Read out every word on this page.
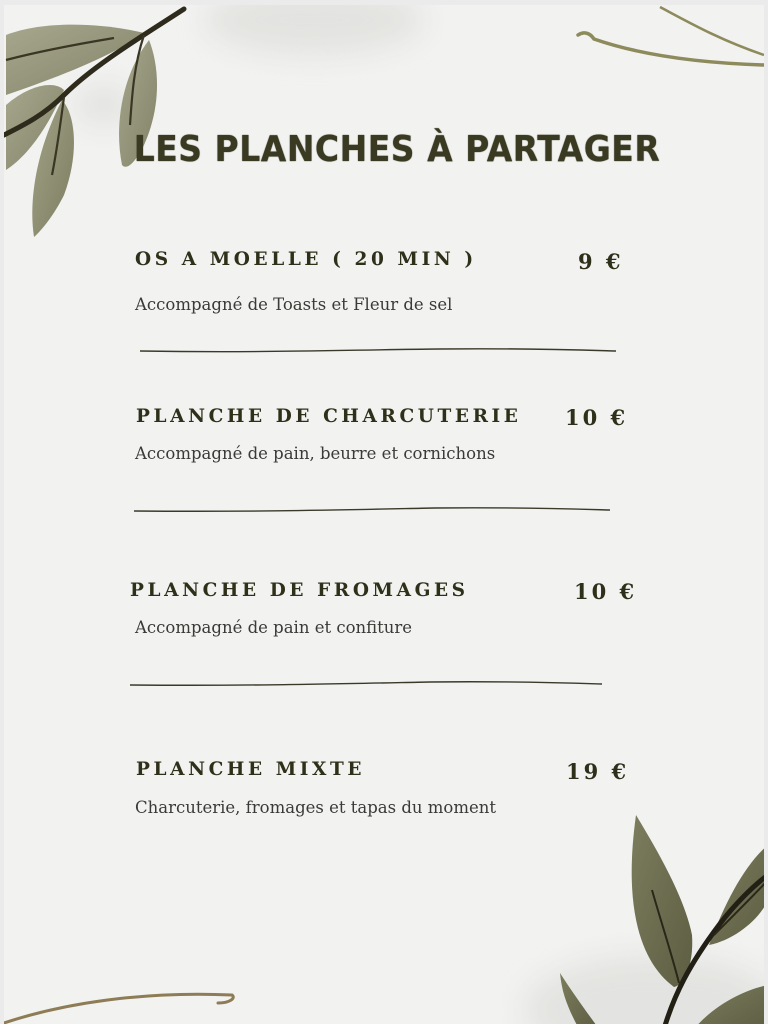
LES PLANCHES À PARTAGER
OS A MOELLE ( 20 MIN )	9 €
Accompagné de Toasts et Fleur de sel
PLANCHE DE CHARCUTERIE 10 €
Accompagné de pain, beurre et cornichons
PLANCHE DE FROMAGES	10 €
Accompagné de pain et confiture
PLANCHE MIXTE	19 €
Charcuterie, fromages et tapas du moment
